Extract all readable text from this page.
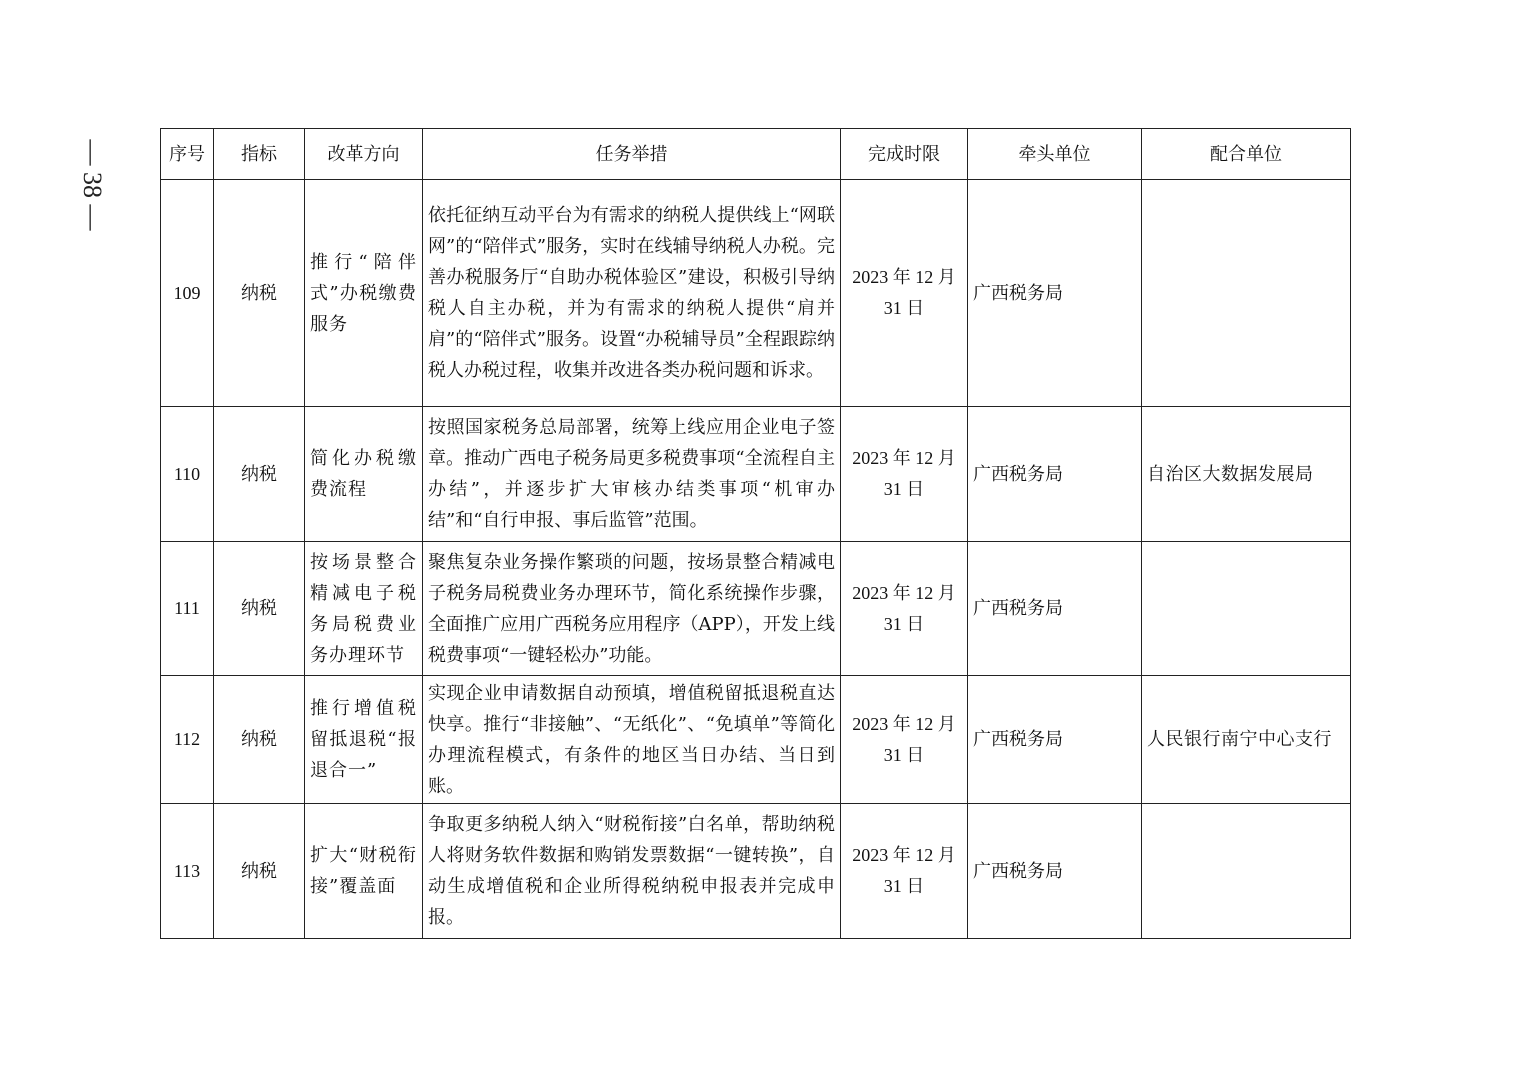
— 38 —	序号	指标	改革方向	任务举措	完成时限	牵头单位	配合单位
109	纳税	推行“陪伴式”办税缴费服务	依托征纳互动平台为有需求的纳税人提供线上“网联网”的“陪伴式”服务，实时在线辅导纳税人办税。完善办税服务厅“自助办税体验区”建设，积极引导纳税人自主办税，并为有需求的纳税人提供“肩并肩”的“陪伴式”服务。设置“办税辅导员”全程跟踪纳税人办税过程，收集并改进各类办税问题和诉求。	2023 年 12 月
31 日	广西税务局	
110	纳税	简化办税缴费流程	按照国家税务总局部署，统筹上线应用企业电子签章。推动广西电子税务局更多税费事项“全流程自主办结”，并逐步扩大审核办结类事项“机审办结”和“自行申报、事后监管”范围。	2023 年 12 月
31 日	广西税务局	自治区大数据发展局
111	纳税	按场景整合精减电子税务局税费业务办理环节	聚焦复杂业务操作繁琐的问题，按场景整合精减电子税务局税费业务办理环节，简化系统操作步骤，全面推广应用广西税务应用程序（APP），开发上线税费事项“一键轻松办”功能。	2023 年 12 月
31 日	广西税务局	
112	纳税	推行增值税留抵退税“报退合一”	实现企业申请数据自动预填，增值税留抵退税直达快享。推行“非接触”、“无纸化”、“免填单”等简化办理流程模式，有条件的地区当日办结、当日到账。	2023 年 12 月
31 日	广西税务局	人民银行南宁中心支行
113	纳税	扩大“财税衔接”覆盖面	争取更多纳税人纳入“财税衔接”白名单，帮助纳税人将财务软件数据和购销发票数据“一键转换”，自动生成增值税和企业所得税纳税申报表并完成申报。	2023 年 12 月
31 日	广西税务局	
